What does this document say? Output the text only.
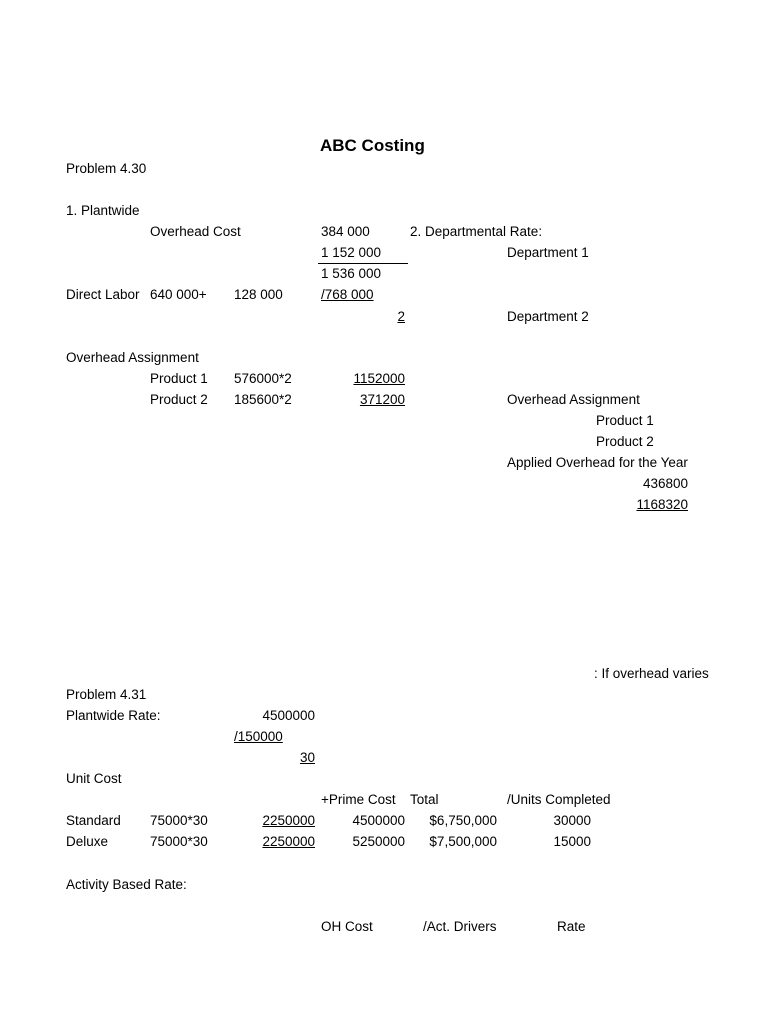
ABC Costing
Problem 4.30
1. Plantwide
Overhead Cost	384 000	2. Departmental Rate:
1 152 000	Department 1
1 536 000
Direct Labor 640 000+ 128 000	/768 000
2	Department 2
Overhead Assignment
Product 1 576000*2	1152000
Product 2 185600*2	371200	Overhead Assignment
Product 1
Product 2
Applied Overhead for the Year
436800
1168320
: If overhead varies
Problem 4.31
Plantwide Rate:	4500000
/150000
30
Unit Cost
+Prime Cost Total	/Units Completed
Standard 75000*30	2250000	4500000	$6,750,000	30000
Deluxe	75000*30	2250000	5250000	$7,500,000	15000
Activity Based Rate:
OH Cost	/Act. Drivers	Rate
